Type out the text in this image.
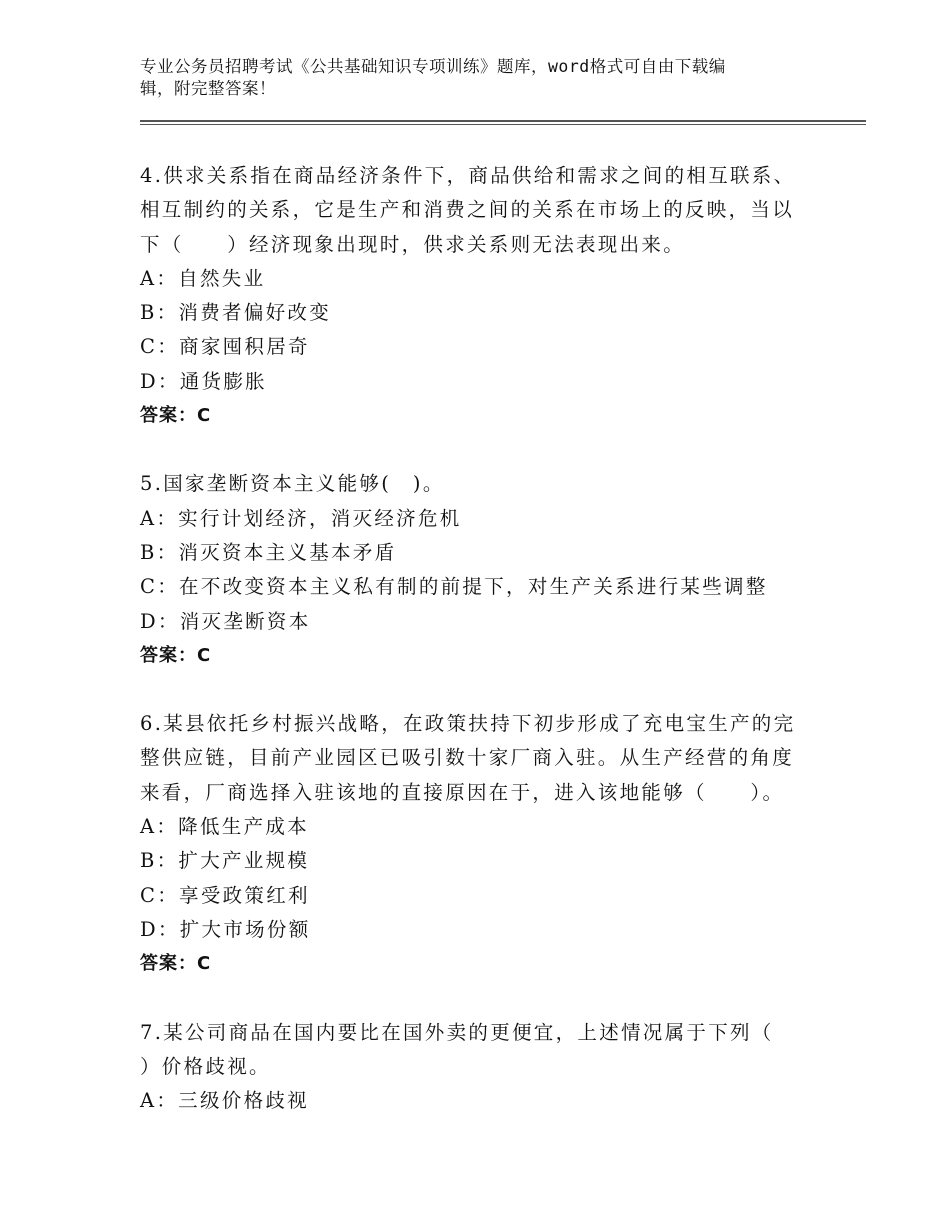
专业公务员招聘考试《公共基础知识专项训练》题库，word格式可自由下载编
辑，附完整答案！
4.供求关系指在商品经济条件下，商品供给和需求之间的相互联系、
相互制约的关系，它是生产和消费之间的关系在市场上的反映，当以
下（　　）经济现象出现时，供求关系则无法表现出来。
A：自然失业
B：消费者偏好改变
C：商家囤积居奇
D：通货膨胀
答案：C
5.国家垄断资本主义能够(　)。
A：实行计划经济，消灭经济危机
B：消灭资本主义基本矛盾
C：在不改变资本主义私有制的前提下，对生产关系进行某些调整
D：消灭垄断资本
答案：C
6.某县依托乡村振兴战略，在政策扶持下初步形成了充电宝生产的完
整供应链，目前产业园区已吸引数十家厂商入驻。从生产经营的角度
来看，厂商选择入驻该地的直接原因在于，进入该地能够（　　）。
A：降低生产成本
B：扩大产业规模
C：享受政策红利
D：扩大市场份额
答案：C
7.某公司商品在国内要比在国外卖的更便宜，上述情况属于下列（
）价格歧视。
A：三级价格歧视
